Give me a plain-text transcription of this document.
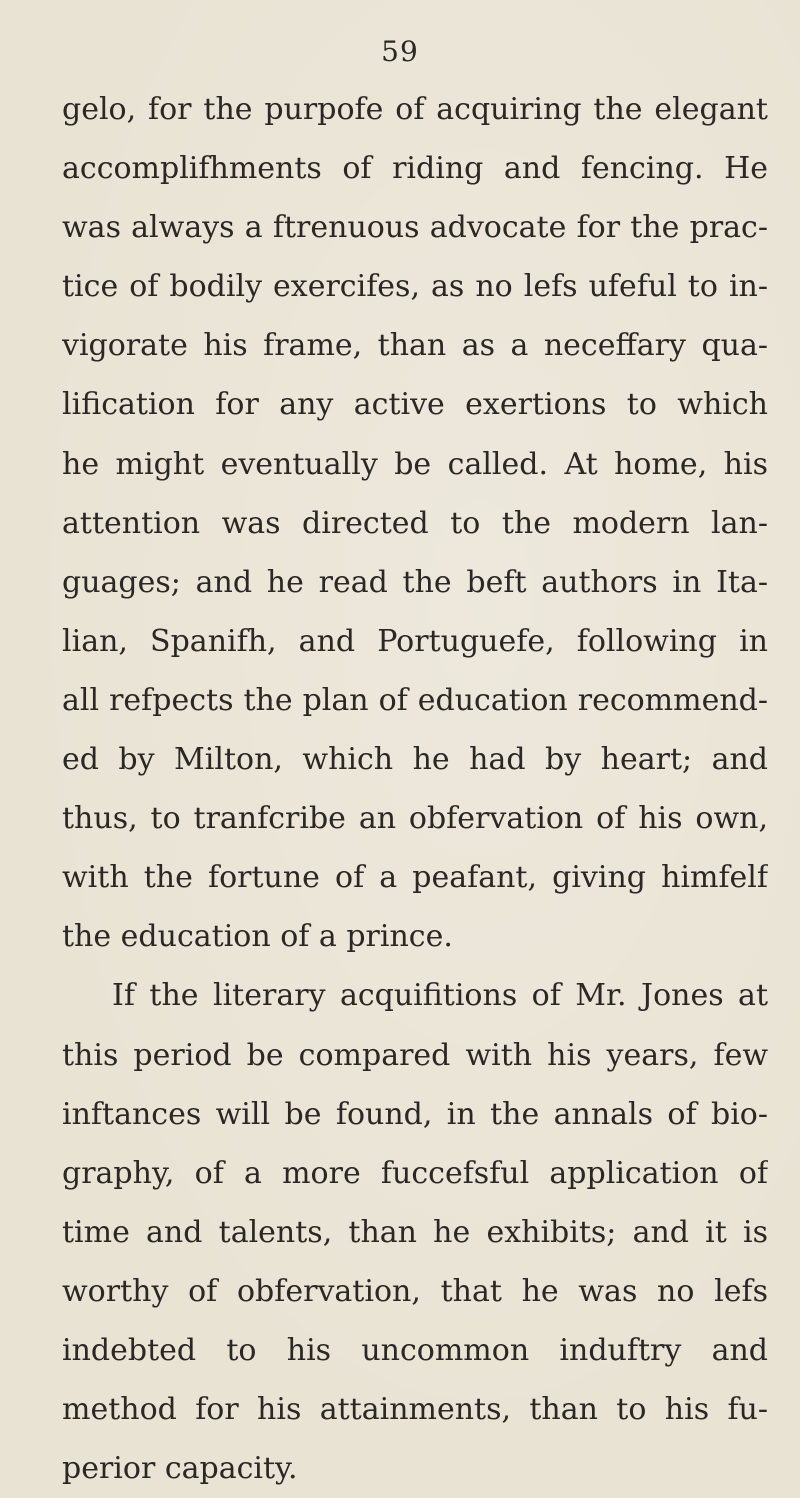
59
gelo, for the purpofe of acquiring the elegant
accomplifhments of riding and fencing. He
was always a ftrenuous advocate for the prac-
tice of bodily exercifes, as no lefs ufeful to in-
vigorate his frame, than as a neceffary qua-
lification for any active exertions to which
he might eventually be called. At home, his
attention was directed to the modern lan-
guages; and he read the beft authors in Ita-
lian, Spanifh, and Portuguefe, following in
all refpects the plan of education recommend-
ed by Milton, which he had by heart; and
thus, to tranfcribe an obfervation of his own,
with the fortune of a peafant, giving himfelf
the education of a prince.
If the literary acquifitions of Mr. Jones at
this period be compared with his years, few
inftances will be found, in the annals of bio-
graphy, of a more fuccefsful application of
time and talents, than he exhibits; and it is
worthy of obfervation, that he was no lefs
indebted to his uncommon induftry and
method for his attainments, than to his fu-
perior capacity.
